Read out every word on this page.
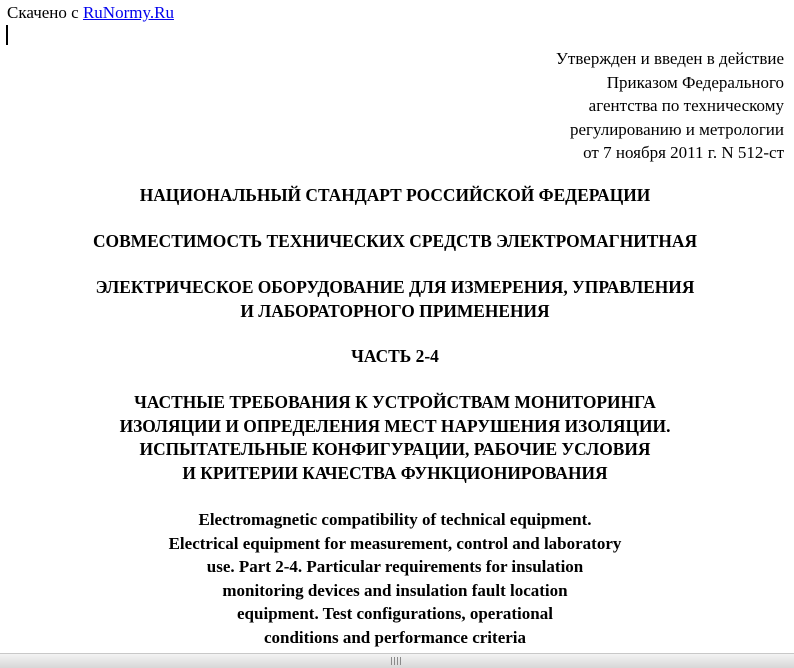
Скачено с RuNormy.Ru
Утвержден и введен в действие
Приказом Федерального
агентства по техническому
регулированию и метрологии
от 7 ноября 2011 г. N 512-ст
НАЦИОНАЛЬНЫЙ СТАНДАРТ РОССИЙСКОЙ ФЕДЕРАЦИИ
СОВМЕСТИМОСТЬ ТЕХНИЧЕСКИХ СРЕДСТВ ЭЛЕКТРОМАГНИТНАЯ
ЭЛЕКТРИЧЕСКОЕ ОБОРУДОВАНИЕ ДЛЯ ИЗМЕРЕНИЯ, УПРАВЛЕНИЯ
И ЛАБОРАТОРНОГО ПРИМЕНЕНИЯ
ЧАСТЬ 2-4
ЧАСТНЫЕ ТРЕБОВАНИЯ К УСТРОЙСТВАМ МОНИТОРИНГА
ИЗОЛЯЦИИ И ОПРЕДЕЛЕНИЯ МЕСТ НАРУШЕНИЯ ИЗОЛЯЦИИ.
ИСПЫТАТЕЛЬНЫЕ КОНФИГУРАЦИИ, РАБОЧИЕ УСЛОВИЯ
И КРИТЕРИИ КАЧЕСТВА ФУНКЦИОНИРОВАНИЯ
Electromagnetic compatibility of technical equipment.
Electrical equipment for measurement, control and laboratory
use. Part 2-4. Particular requirements for insulation
monitoring devices and insulation fault location
equipment. Test configurations, operational
conditions and performance criteria
